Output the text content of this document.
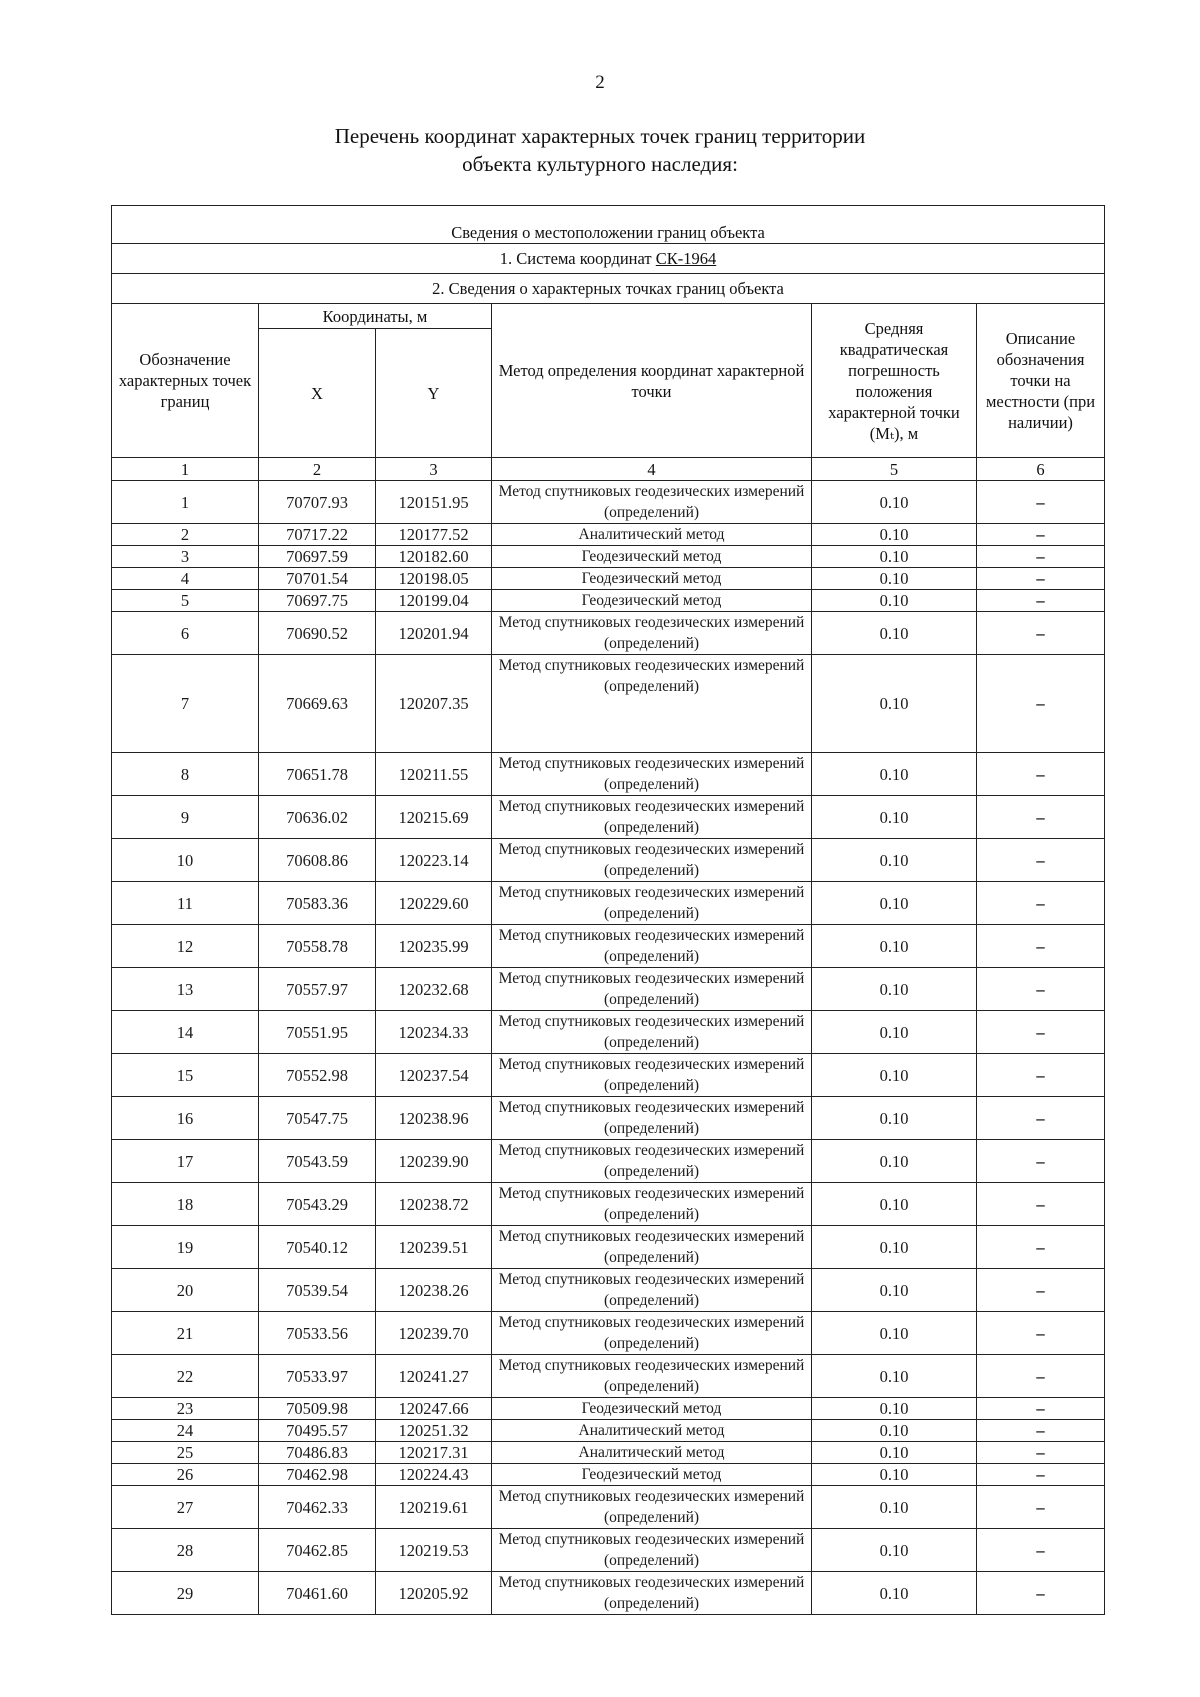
2
Перечень координат характерных точек границ территории
объекта культурного наследия:
Сведения о местоположении границ объекта					
1. Система координат СК-1964					
2. Сведения о характерных точках границ объекта					
Обозначение характерных точек границ	Координаты, м		Метод определения координат характерной точки	Средняя квадратическая погрешность положения характерной точки (Mₜ), м	Описание обозначения точки на местности (при наличии)
	X	Y			
1	2	3	4	5	6
1	70707.93	120151.95	Метод спутниковых геодезических измерений (определений)	0.10	–
2	70717.22	120177.52	Аналитический метод	0.10	–
3	70697.59	120182.60	Геодезический метод	0.10	–
4	70701.54	120198.05	Геодезический метод	0.10	–
5	70697.75	120199.04	Геодезический метод	0.10	–
6	70690.52	120201.94	Метод спутниковых геодезических измерений (определений)	0.10	–
7	70669.63	120207.35	Метод спутниковых геодезических измерений (определений)	0.10	–
8	70651.78	120211.55	Метод спутниковых геодезических измерений (определений)	0.10	–
9	70636.02	120215.69	Метод спутниковых геодезических измерений (определений)	0.10	–
10	70608.86	120223.14	Метод спутниковых геодезических измерений (определений)	0.10	–
11	70583.36	120229.60	Метод спутниковых геодезических измерений (определений)	0.10	–
12	70558.78	120235.99	Метод спутниковых геодезических измерений (определений)	0.10	–
13	70557.97	120232.68	Метод спутниковых геодезических измерений (определений)	0.10	–
14	70551.95	120234.33	Метод спутниковых геодезических измерений (определений)	0.10	–
15	70552.98	120237.54	Метод спутниковых геодезических измерений (определений)	0.10	–
16	70547.75	120238.96	Метод спутниковых геодезических измерений (определений)	0.10	–
17	70543.59	120239.90	Метод спутниковых геодезических измерений (определений)	0.10	–
18	70543.29	120238.72	Метод спутниковых геодезических измерений (определений)	0.10	–
19	70540.12	120239.51	Метод спутниковых геодезических измерений (определений)	0.10	–
20	70539.54	120238.26	Метод спутниковых геодезических измерений (определений)	0.10	–
21	70533.56	120239.70	Метод спутниковых геодезических измерений (определений)	0.10	–
22	70533.97	120241.27	Метод спутниковых геодезических измерений (определений)	0.10	–
23	70509.98	120247.66	Геодезический метод	0.10	–
24	70495.57	120251.32	Аналитический метод	0.10	–
25	70486.83	120217.31	Аналитический метод	0.10	–
26	70462.98	120224.43	Геодезический метод	0.10	–
27	70462.33	120219.61	Метод спутниковых геодезических измерений (определений)	0.10	–
28	70462.85	120219.53	Метод спутниковых геодезических измерений (определений)	0.10	–
29	70461.60	120205.92	Метод спутниковых геодезических измерений (определений)	0.10	–
